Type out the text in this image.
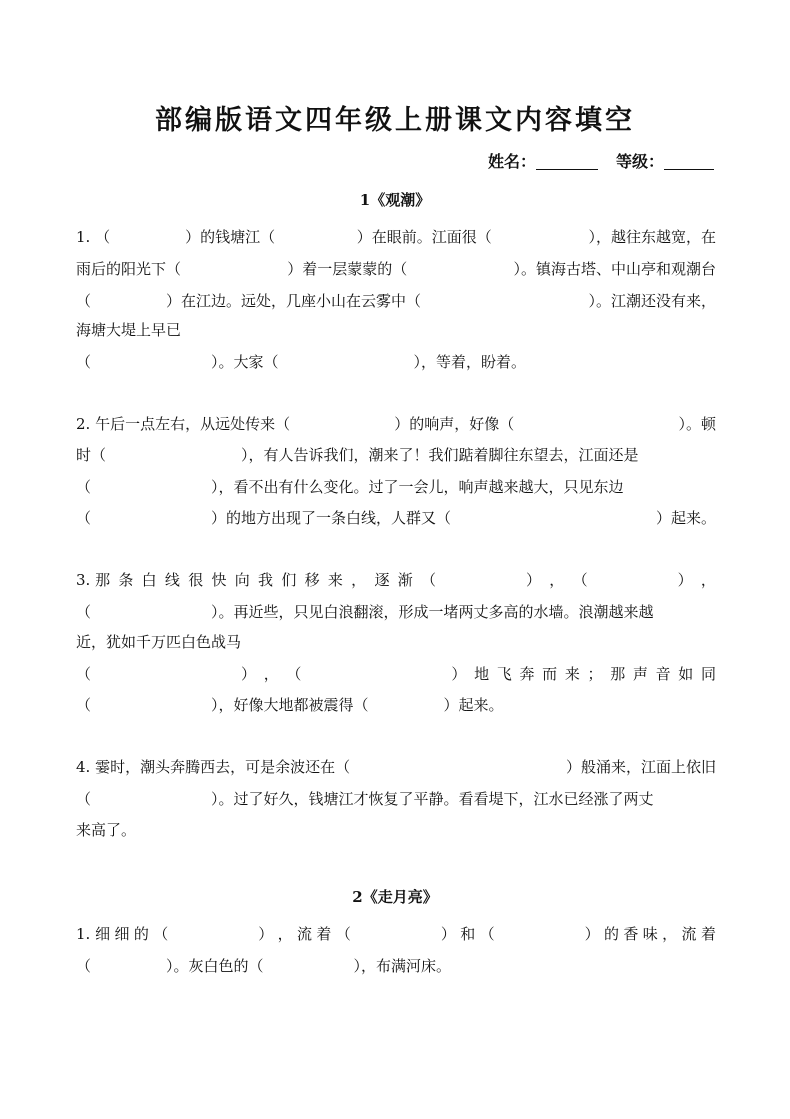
部编版语文四年级上册课文内容填空
姓名：	等级：
1《观潮》
1. （　　　　　）的钱塘江（ 　　　　）在眼前。江面很（ 　　　　　），越往东越宽，在
雨后的阳光下（ 　　　　　）着一层蒙蒙的（ 　　　　　）。镇海古塔、中山亭和观潮台
（　　　　　）在江边。远处，几座小山在云雾中（	　　　　　　　　）。江潮还没有来，
海塘大堤上早已
（　　　　　　　　）。大家（　　　　　　　　　），等着，盼着。
2. 午后一点左右，从远处传来（ 　　　　　）的响声，好像（ 　　　　　　　　　）。顿
时（　　　　　　　　　），有人告诉我们，潮来了！我们踮着脚往东望去，江面还是
（　　　　　　　　），看不出有什么变化。过了一会儿，响声越来越大，只见东边
（　　　　　　　　）的地方出现了一条白线，人群又（	　　　　　）起来。
3. 那 条 白 线 很 快 向 我 们 移 来 ， 逐 渐 （　　　　　　） ， （　　　　　　） ，
（　　　　　　　　）。再近些，只见白浪翻滚，形成一堵两丈多高的水墙。浪潮越来越
近，犹如千万匹白色战马
（　　　　　　　　　　） ， （　　　　　　　　　　） 地 飞 奔 而 来 ； 那 声 音 如 同
（　　　　　　　　），好像大地都被震得（　　　　　）起来。
4. 霎时，潮头奔腾西去，可是余波还在（	　　　　　　　　）般涌来，江面上依旧
（　　　　　　　　）。过了好久，钱塘江才恢复了平静。看看堤下，江水已经涨了两丈
来高了。
2《走月亮》
1. 细 细 的 （　　　　　　） ， 流 着 （　　　　　　） 和 （　　　　　　） 的 香 味 ， 流 着
（　　　　　）。灰白色的（　　　　　　），布满河床。
